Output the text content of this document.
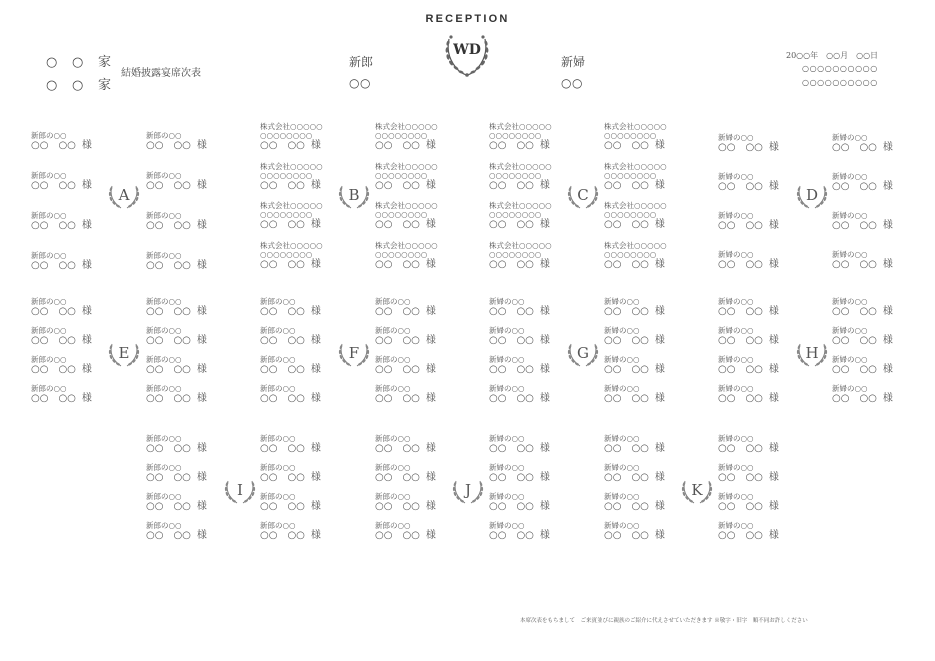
RECEPTION
WD
○ ○ 家
○ ○ 家
結婚披露宴席次表
新郎
○○
新婦
○○
20○○年　○○月　○○日
○○○○○○○○○○
○○○○○○○○○○
新郎の○○
○○ ○○ 様
新郎の○○
○○ ○○ 様
新郎の○○
○○ ○○ 様
新郎の○○
○○ ○○ 様
新郎の○○
○○ ○○ 様
新郎の○○
○○ ○○ 様
新郎の○○
○○ ○○ 様
新郎の○○
○○ ○○ 様
A
株式会社○○○○○
○○○○○○○○
○○ ○○ 様
株式会社○○○○○
○○○○○○○○
○○ ○○ 様
株式会社○○○○○
○○○○○○○○
○○ ○○ 様
株式会社○○○○○
○○○○○○○○
○○ ○○ 様
株式会社○○○○○
○○○○○○○○
○○ ○○ 様
株式会社○○○○○
○○○○○○○○
○○ ○○ 様
株式会社○○○○○
○○○○○○○○
○○ ○○ 様
株式会社○○○○○
○○○○○○○○
○○ ○○ 様
B
株式会社○○○○○
○○○○○○○○
○○ ○○ 様
株式会社○○○○○
○○○○○○○○
○○ ○○ 様
株式会社○○○○○
○○○○○○○○
○○ ○○ 様
株式会社○○○○○
○○○○○○○○
○○ ○○ 様
株式会社○○○○○
○○○○○○○○
○○ ○○ 様
株式会社○○○○○
○○○○○○○○
○○ ○○ 様
株式会社○○○○○
○○○○○○○○
○○ ○○ 様
株式会社○○○○○
○○○○○○○○
○○ ○○ 様
C
新婦の○○
○○ ○○ 様
新婦の○○
○○ ○○ 様
新婦の○○
○○ ○○ 様
新婦の○○
○○ ○○ 様
新婦の○○
○○ ○○ 様
新婦の○○
○○ ○○ 様
新婦の○○
○○ ○○ 様
新婦の○○
○○ ○○ 様
D
新郎の○○
○○ ○○ 様
新郎の○○
○○ ○○ 様
新郎の○○
○○ ○○ 様
新郎の○○
○○ ○○ 様
新郎の○○
○○ ○○ 様
新郎の○○
○○ ○○ 様
新郎の○○
○○ ○○ 様
新郎の○○
○○ ○○ 様
E
新郎の○○
○○ ○○ 様
新郎の○○
○○ ○○ 様
新郎の○○
○○ ○○ 様
新郎の○○
○○ ○○ 様
新郎の○○
○○ ○○ 様
新郎の○○
○○ ○○ 様
新郎の○○
○○ ○○ 様
新郎の○○
○○ ○○ 様
F
新婦の○○
○○ ○○ 様
新婦の○○
○○ ○○ 様
新婦の○○
○○ ○○ 様
新婦の○○
○○ ○○ 様
新婦の○○
○○ ○○ 様
新婦の○○
○○ ○○ 様
新婦の○○
○○ ○○ 様
新婦の○○
○○ ○○ 様
G
新婦の○○
○○ ○○ 様
新婦の○○
○○ ○○ 様
新婦の○○
○○ ○○ 様
新婦の○○
○○ ○○ 様
新婦の○○
○○ ○○ 様
新婦の○○
○○ ○○ 様
新婦の○○
○○ ○○ 様
新婦の○○
○○ ○○ 様
H
新郎の○○
○○ ○○ 様
新郎の○○
○○ ○○ 様
新郎の○○
○○ ○○ 様
新郎の○○
○○ ○○ 様
新郎の○○
○○ ○○ 様
新郎の○○
○○ ○○ 様
新郎の○○
○○ ○○ 様
新郎の○○
○○ ○○ 様
I
新郎の○○
○○ ○○ 様
新郎の○○
○○ ○○ 様
新郎の○○
○○ ○○ 様
新郎の○○
○○ ○○ 様
新婦の○○
○○ ○○ 様
新婦の○○
○○ ○○ 様
新婦の○○
○○ ○○ 様
新婦の○○
○○ ○○ 様
J
新婦の○○
○○ ○○ 様
新婦の○○
○○ ○○ 様
新婦の○○
○○ ○○ 様
新婦の○○
○○ ○○ 様
新婦の○○
○○ ○○ 様
新婦の○○
○○ ○○ 様
新婦の○○
○○ ○○ 様
新婦の○○
○○ ○○ 様
K
本席次表をもちまして　ご来賓並びに親族のご紹介に代えさせていただきます ※敬字・旧字　順不同お許しください
